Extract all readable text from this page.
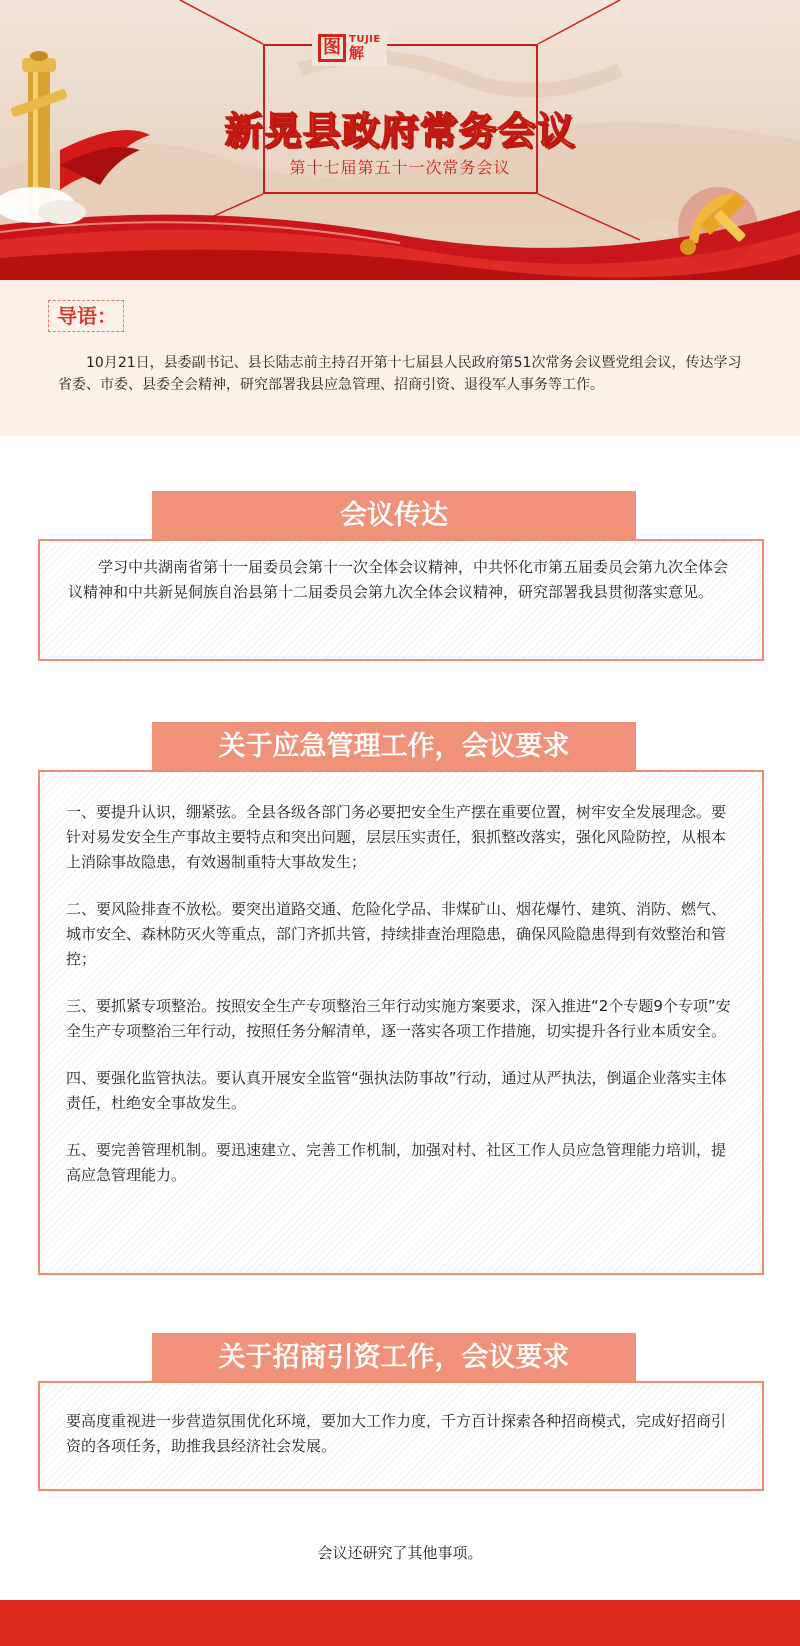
图 TUJIE
解
新晃县政府常务会议
第十七届第五十一次常务会议
导语：
10月21日，县委副书记、县长陆志前主持召开第十七届县人民政府第51次常务会议暨党组会议，传达学习省委、市委、县委全会精神，研究部署我县应急管理、招商引资、退役军人事务等工作。
会议传达

学习中共湖南省第十一届委员会第十一次全体会议精神，中共怀化市第五届委员会第九次全体会议精神和中共新晃侗族自治县第十二届委员会第九次全体会议精神，研究部署我县贯彻落实意见。

关于应急管理工作，会议要求

一、要提升认识，绷紧弦。全县各级各部门务必要把安全生产摆在重要位置，树牢安全发展理念。要针对易发安全生产事故主要特点和突出问题，层层压实责任，狠抓整改落实，强化风险防控，从根本上消除事故隐患，有效遏制重特大事故发生；

二、要风险排查不放松。要突出道路交通、危险化学品、非煤矿山、烟花爆竹、建筑、消防、燃气、城市安全、森林防灭火等重点，部门齐抓共管，持续排查治理隐患，确保风险隐患得到有效整治和管控；

三、要抓紧专项整治。按照安全生产专项整治三年行动实施方案要求，深入推进“2个专题9个专项”安全生产专项整治三年行动，按照任务分解清单，逐一落实各项工作措施，切实提升各行业本质安全。

四、要强化监管执法。要认真开展安全监管“强执法防事故”行动，通过从严执法，倒逼企业落实主体责任，杜绝安全事故发生。

五、要完善管理机制。要迅速建立、完善工作机制，加强对村、社区工作人员应急管理能力培训，提高应急管理能力。

关于招商引资工作，会议要求

要高度重视进一步营造氛围优化环境，要加大工作力度，千方百计探索各种招商模式，完成好招商引资的各项任务，助推我县经济社会发展。

会议还研究了其他事项。
